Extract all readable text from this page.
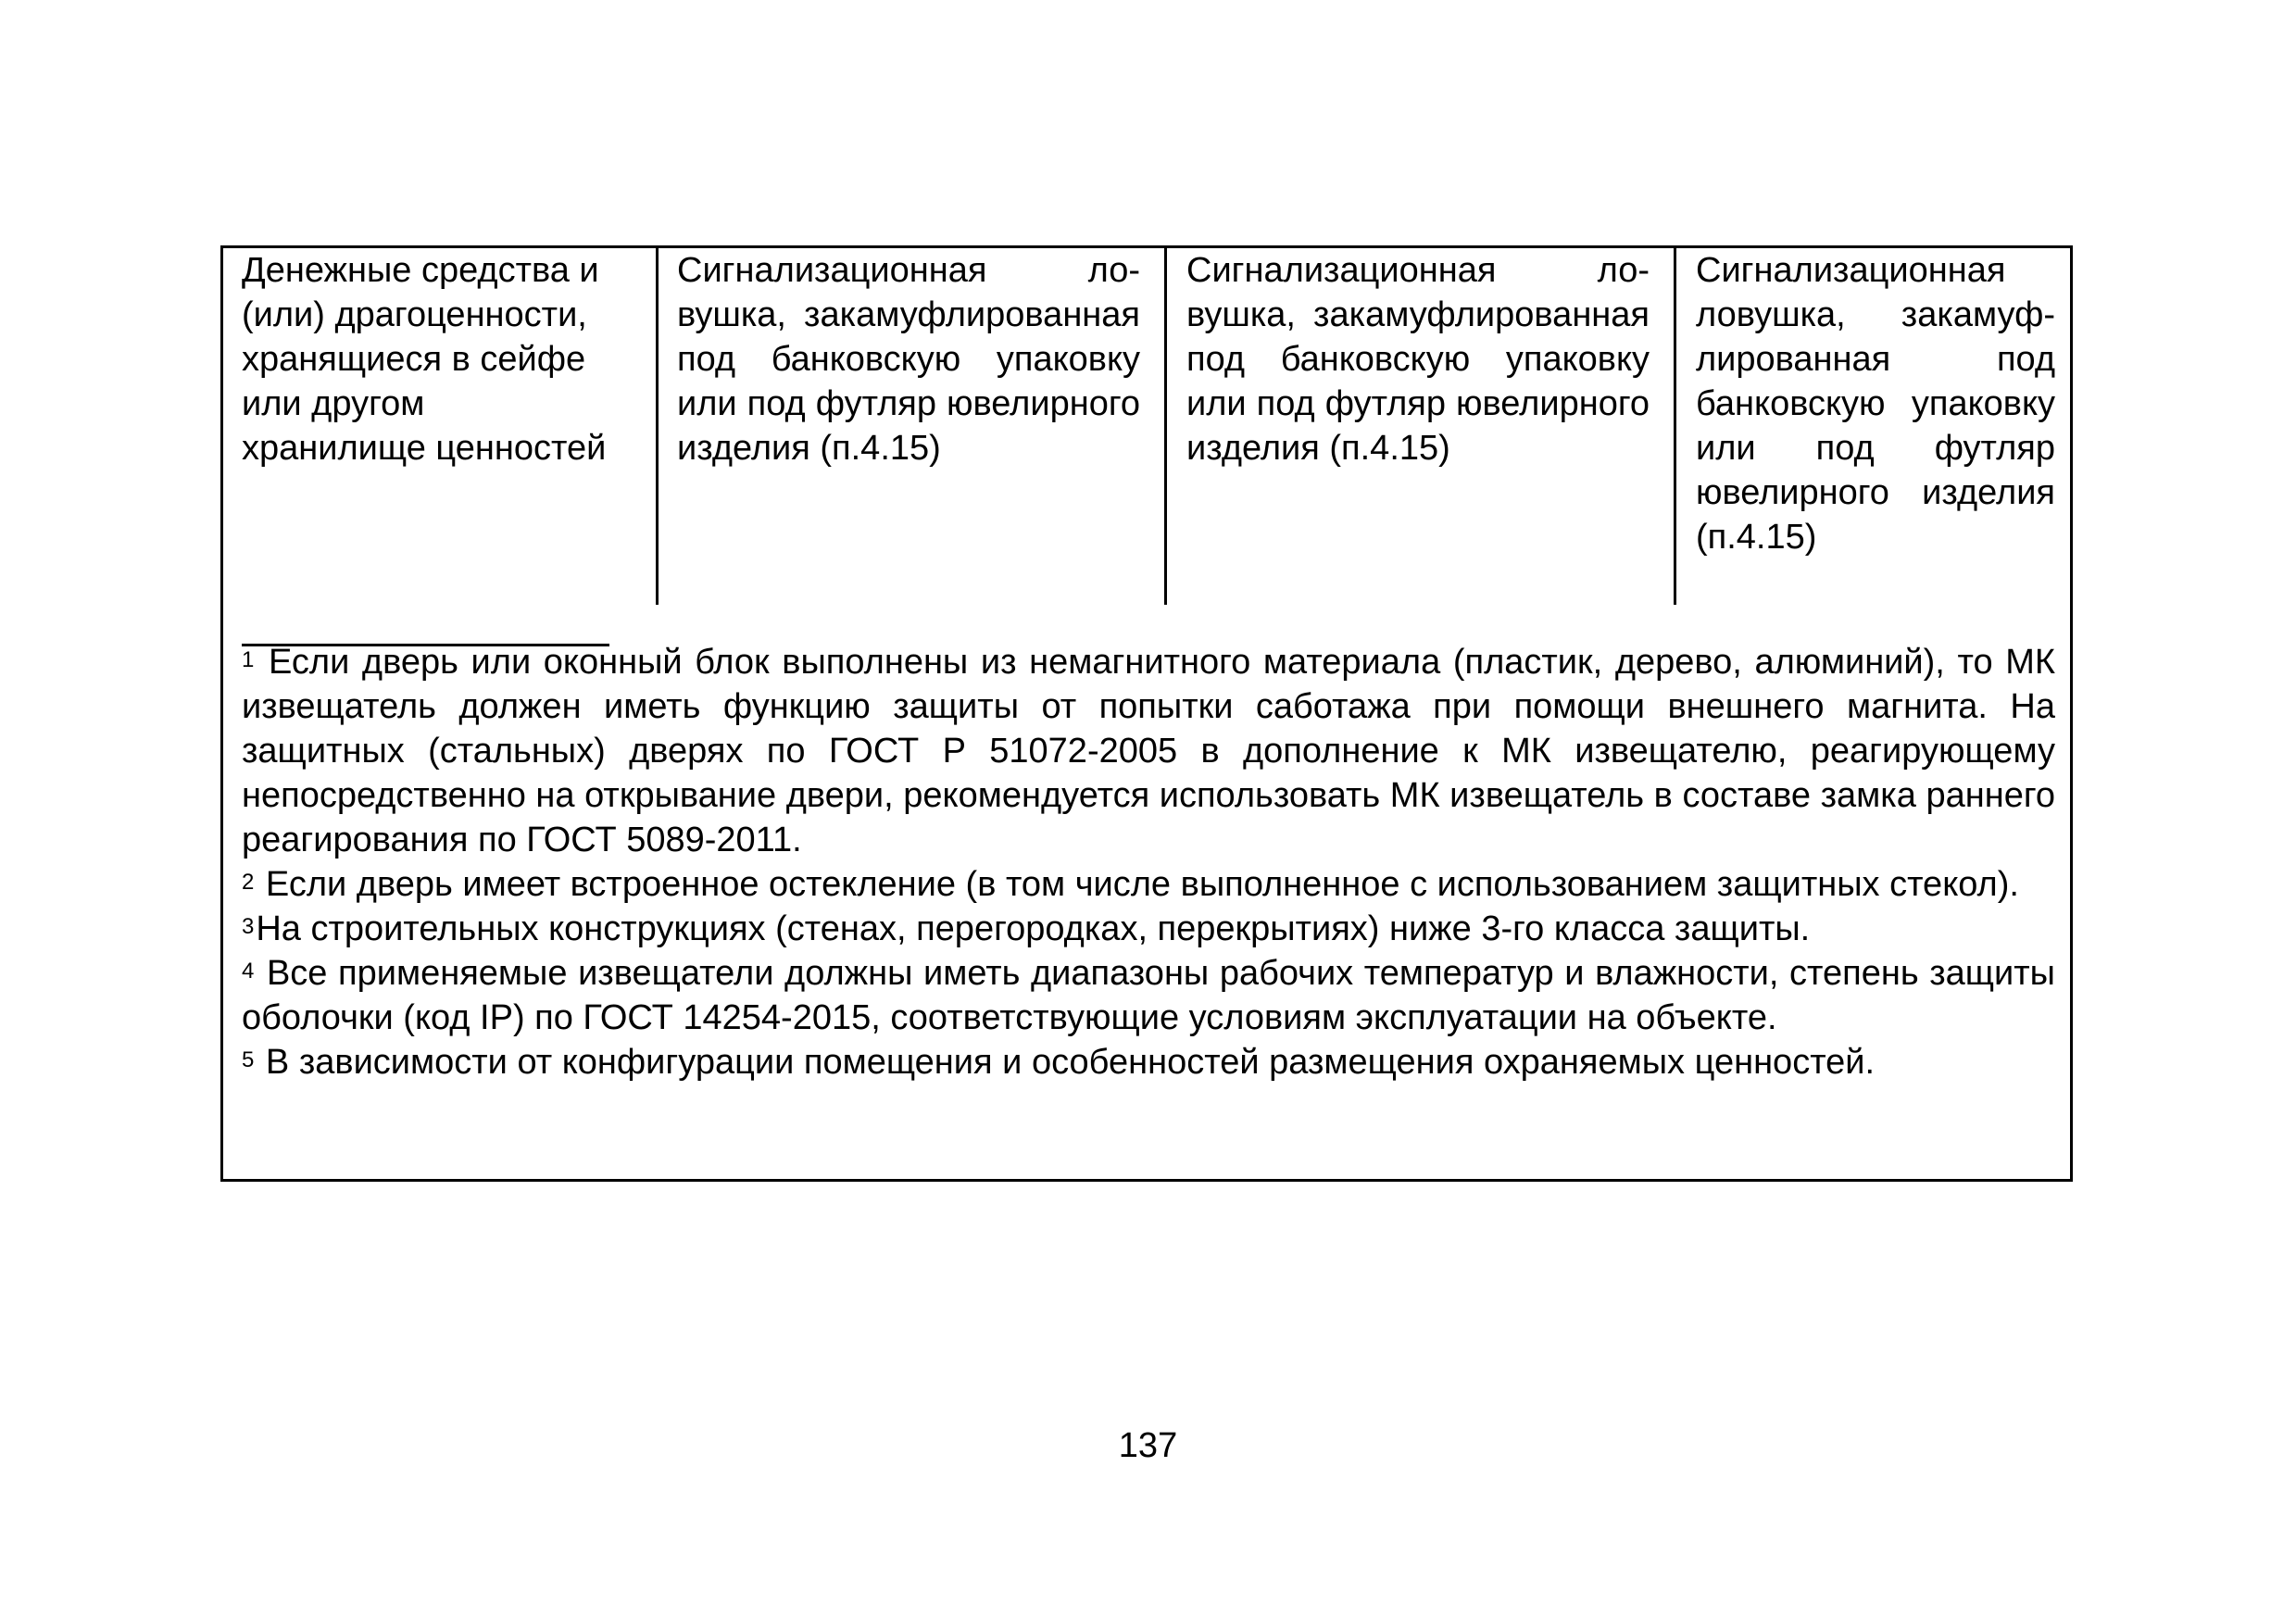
Денежные средства и (или) драгоценности, хранящиеся в сейфе или другом хранилище ценностей
Сигнализационная ловушка, закамуфлированная под банковскую упаковку или под футляр ювелирного изделия (п.4.15)
Сигнализационная ловушка, закамуфлированная под банковскую упаковку или под футляр ювелирного изделия (п.4.15)
Сигнализационная ловушка, закамуфлированная под банковскую упаковку или под футляр ювелирного изделия (п.4.15)

$^1$ Если дверь или оконный блок выполнены из немагнитного материала (пластик, дерево, алюминий), то МК извещатель должен иметь функцию защиты от попытки саботажа при помощи внешнего магнита. На защитных (стальных) дверях по ГОСТ Р 51072-2005 в дополнение к МК извещателю, реагирующему непосредственно на открывание двери, рекомендуется использовать МК извещатель в составе замка раннего реагирования по ГОСТ 5089-2011.

$^2$ Если дверь имеет встроенное остекление (в том числе выполненное с использованием защитных стекол).

$^3$На строительных конструкциях (стенах, перегородках, перекрытиях) ниже 3-го класса защиты.

$^4$ Все применяемые извещатели должны иметь диапазоны рабочих температур и влажности, степень защиты оболочки (код IP) по ГОСТ 14254-2015, соответствующие условиям эксплуатации на объекте.

$^5$ В зависимости от конфигурации помещения и особенностей размещения охраняемых ценностей.

137
